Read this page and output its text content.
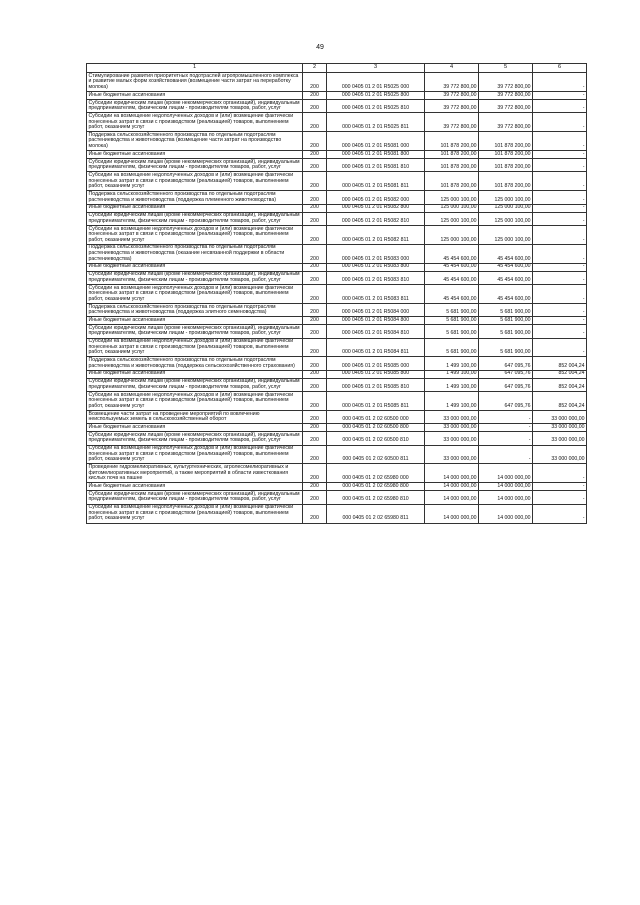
49
1	2	3	4	5	6
Стимулирование развития приоритетных подотраслей агропромышленного комплекса и развитие малых форм хозяйствования (возмещение части затрат на переработку молока)	200	000 0405 01 2 01 R5025 000	39 772 800,00	39 772 800,00	-
Иные бюджетные ассигнования	200	000 0405 01 2 01 R5025 800	39 772 800,00	39 772 800,00	-
Субсидии юридическим лицам (кроме некоммерческих организаций), индивидуальным предпринимателям, физическим лицам - производителям товаров, работ, услуг	200	000 0405 01 2 01 R5025 810	39 772 800,00	39 772 800,00	-
Субсидии на возмещение недополученных доходов и (или) возмещение фактически понесенных затрат в связи с производством (реализацией) товаров, выполнением работ, оказанием услуг	200	000 0405 01 2 01 R5025 811	39 772 800,00	39 772 800,00	-
Поддержка сельскохозяйственного производства по отдельным подотраслям растениеводства и животноводства (возмещение части затрат на производство молока)	200	000 0405 01 2 01 R5081 000	101 878 200,00	101 878 200,00	-
Иные бюджетные ассигнования	200	000 0405 01 2 01 R5081 800	101 878 200,00	101 878 200,00	-
Субсидии юридическим лицам (кроме некоммерческих организаций), индивидуальным предпринимателям, физическим лицам - производителям товаров, работ, услуг	200	000 0405 01 2 01 R5081 810	101 878 200,00	101 878 200,00	-
Субсидии на возмещение недополученных доходов и (или) возмещение фактически понесенных затрат в связи с производством (реализацией) товаров, выполнением работ, оказанием услуг	200	000 0405 01 2 01 R5081 811	101 878 200,00	101 878 200,00	-
Поддержка сельскохозяйственного производства по отдельным подотраслям растениеводства и животноводства (поддержка племенного животноводства)	200	000 0405 01 2 01 R5082 000	125 000 100,00	125 000 100,00	-
Иные бюджетные ассигнования	200	000 0405 01 2 01 R5082 800	125 000 100,00	125 000 100,00	-
Субсидии юридическим лицам (кроме некоммерческих организаций), индивидуальным предпринимателям, физическим лицам - производителям товаров, работ, услуг	200	000 0405 01 2 01 R5082 810	125 000 100,00	125 000 100,00	-
Субсидии на возмещение недополученных доходов и (или) возмещение фактически понесенных затрат в связи с производством (реализацией) товаров, выполнением работ, оказанием услуг	200	000 0405 01 2 01 R5082 811	125 000 100,00	125 000 100,00	-
Поддержка сельскохозяйственного производства по отдельным подотраслям растениеводства и животноводства (оказание несвязанной поддержки в области растениеводства)	200	000 0405 01 2 01 R5083 000	45 454 600,00	45 454 600,00	-
Иные бюджетные ассигнования	200	000 0405 01 2 01 R5083 800	45 454 600,00	45 454 600,00	-
Субсидии юридическим лицам (кроме некоммерческих организаций), индивидуальным предпринимателям, физическим лицам - производителям товаров, работ, услуг	200	000 0405 01 2 01 R5083 810	45 454 600,00	45 454 600,00	-
Субсидии на возмещение недополученных доходов и (или) возмещение фактически понесенных затрат в связи с производством (реализацией) товаров, выполнением работ, оказанием услуг	200	000 0405 01 2 01 R5083 811	45 454 600,00	45 454 600,00	-
Поддержка сельскохозяйственного производства по отдельным подотраслям растениеводства и животноводства (поддержка элитного семеноводства)	200	000 0405 01 2 01 R5084 000	5 681 900,00	5 681 900,00	-
Иные бюджетные ассигнования	200	000 0405 01 2 01 R5084 800	5 681 900,00	5 681 900,00	-
Субсидии юридическим лицам (кроме некоммерческих организаций), индивидуальным предпринимателям, физическим лицам - производителям товаров, работ, услуг	200	000 0405 01 2 01 R5084 810	5 681 900,00	5 681 900,00	-
Субсидии на возмещение недополученных доходов и (или) возмещение фактически понесенных затрат в связи с производством (реализацией) товаров, выполнением работ, оказанием услуг	200	000 0405 01 2 01 R5084 811	5 681 900,00	5 681 900,00	-
Поддержка сельскохозяйственного производства по отдельным подотраслям растениеводства и животноводства (поддержка сельскохозяйственного страхования)	200	000 0405 01 2 01 R5085 000	1 499 100,00	647 095,76	852 004,24
Иные бюджетные ассигнования	200	000 0405 01 2 01 R5085 800	1 499 100,00	647 095,76	852 004,24
Субсидии юридическим лицам (кроме некоммерческих организаций), индивидуальным предпринимателям, физическим лицам - производителям товаров, работ, услуг	200	000 0405 01 2 01 R5085 810	1 499 100,00	647 095,76	852 004,24
Субсидии на возмещение недополученных доходов и (или) возмещение фактически понесенных затрат в связи с производством (реализацией) товаров, выполнением работ, оказанием услуг	200	000 0405 01 2 01 R5085 811	1 499 100,00	647 095,76	852 004,24
Возмещение части затрат на проведение мероприятий по вовлечению неиспользуемых земель в сельскохозяйственный оборот	200	000 0405 01 2 02 60500 000	33 000 000,00	-	33 000 000,00
Иные бюджетные ассигнования	200	000 0405 01 2 02 60500 800	33 000 000,00	-	33 000 000,00
Субсидии юридическим лицам (кроме некоммерческих организаций), индивидуальным предпринимателям, физическим лицам - производителям товаров, работ, услуг	200	000 0405 01 2 02 60500 810	33 000 000,00	-	33 000 000,00
Субсидии на возмещение недополученных доходов и (или) возмещение фактически понесенных затрат в связи с производством (реализацией) товаров, выполнением работ, оказанием услуг	200	000 0405 01 2 02 60500 811	33 000 000,00	-	33 000 000,00
Проведение гидромелиоративных, культуртехнических, агролесомелиоративных и фитомелиоративных мероприятий, а также мероприятий в области известкования кислых почв на пашне	200	000 0405 01 2 02 65980 000	14 000 000,00	14 000 000,00	-
Иные бюджетные ассигнования	200	000 0405 01 2 02 65980 800	14 000 000,00	14 000 000,00	-
Субсидии юридическим лицам (кроме некоммерческих организаций), индивидуальным предпринимателям, физическим лицам - производителям товаров, работ, услуг	200	000 0405 01 2 02 65980 810	14 000 000,00	14 000 000,00	-
Субсидии на возмещение недополученных доходов и (или) возмещение фактически понесенных затрат в связи с производством (реализацией) товаров, выполнением работ, оказанием услуг	200	000 0405 01 2 02 65980 811	14 000 000,00	14 000 000,00	-
